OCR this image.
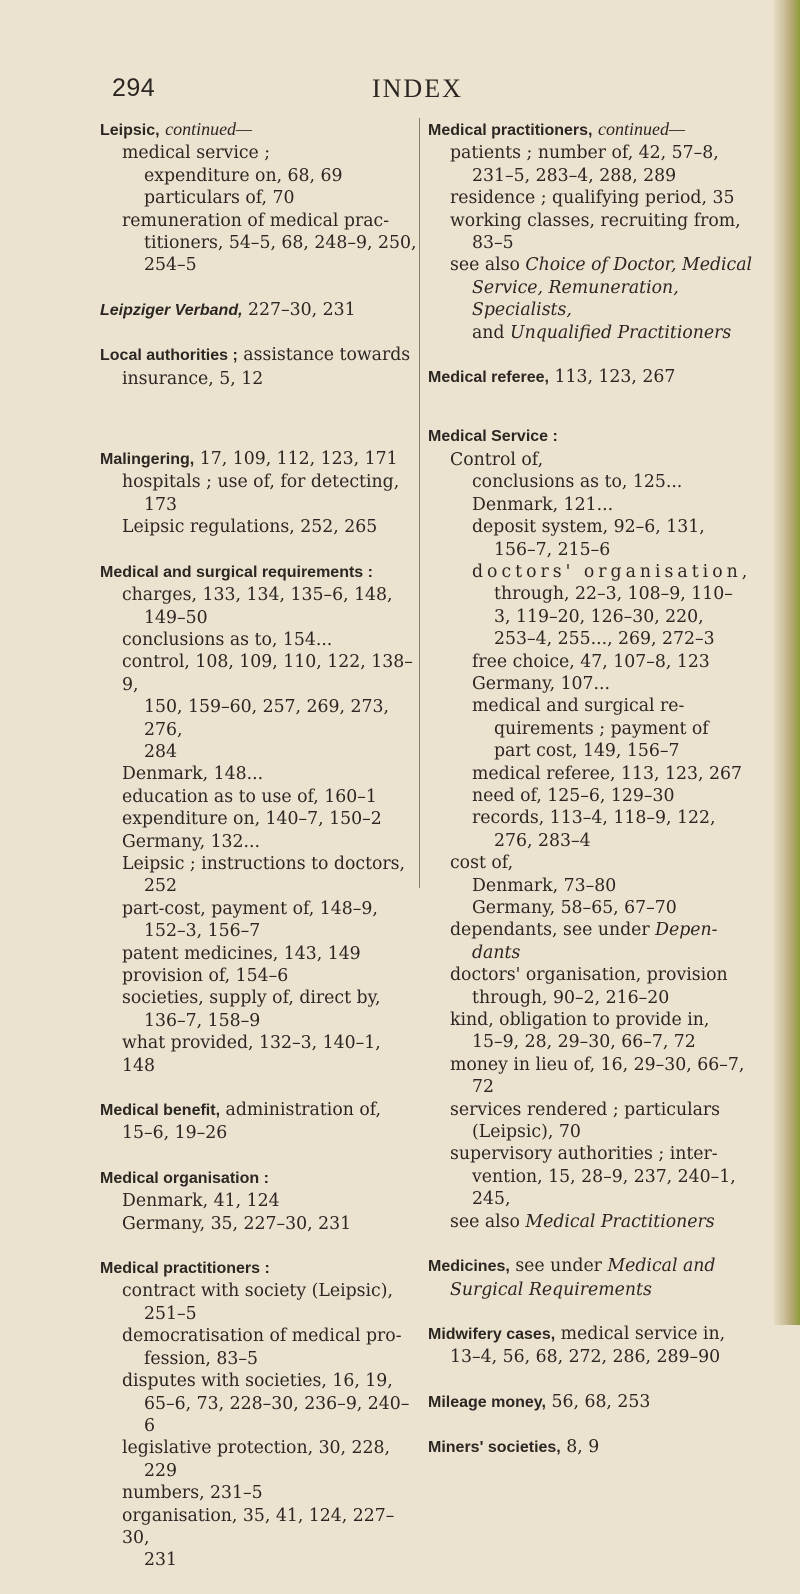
294	INDEX
Leipsic, continued—
medical service ;
expenditure on, 68, 69
particulars of, 70
remuneration of medical prac-
titioners, 54–5, 68, 248–9, 250,
254–5
Leipziger Verband, 227–30, 231
Local authorities ; assistance towards
insurance, 5, 12
Malingering, 17, 109, 112, 123, 171
hospitals ; use of, for detecting,
173
Leipsic regulations, 252, 265
Medical and surgical requirements :
charges, 133, 134, 135–6, 148,
149–50
conclusions as to, 154...
control, 108, 109, 110, 122, 138–9,
150, 159–60, 257, 269, 273, 276,
284
Denmark, 148...
education as to use of, 160–1
expenditure on, 140–7, 150–2
Germany, 132...
Leipsic ; instructions to doctors,
252
part-cost, payment of, 148–9,
152–3, 156–7
patent medicines, 143, 149
provision of, 154–6
societies, supply of, direct by,
136–7, 158–9
what provided, 132–3, 140–1, 148
Medical benefit, administration of,
15–6, 19–26
Medical organisation :
Denmark, 41, 124
Germany, 35, 227–30, 231
Medical practitioners :
contract with society (Leipsic),
251–5
democratisation of medical pro-
fession, 83–5
disputes with societies, 16, 19,
65–6, 73, 228–30, 236–9, 240–6
legislative protection, 30, 228,
229
numbers, 231–5
organisation, 35, 41, 124, 227–30,
231
Medical practitioners, continued—
patients ; number of, 42, 57–8,
231–5, 283–4, 288, 289
residence ; qualifying period, 35
working classes, recruiting from,
83–5
see also Choice of Doctor, Medical
Service, Remuneration, Specialists,
and Unqualified Practitioners
Medical referee, 113, 123, 267
Medical Service :
Control of,
conclusions as to, 125...
Denmark, 121...
deposit system, 92–6, 131,
156–7, 215–6
doctors' organisation,
through, 22–3, 108–9, 110–
3, 119–20, 126–30, 220,
253–4, 255..., 269, 272–3
free choice, 47, 107–8, 123
Germany, 107...
medical and surgical re-
quirements ; payment of
part cost, 149, 156–7
medical referee, 113, 123, 267
need of, 125–6, 129–30
records, 113–4, 118–9, 122,
276, 283–4
cost of,
Denmark, 73–80
Germany, 58–65, 67–70
dependants, see under Depen-
dants
doctors' organisation, provision
through, 90–2, 216–20
kind, obligation to provide in,
15–9, 28, 29–30, 66–7, 72
money in lieu of, 16, 29–30, 66–7,
72
services rendered ; particulars
(Leipsic), 70
supervisory authorities ; inter-
vention, 15, 28–9, 237, 240–1,
245,
see also Medical Practitioners
Medicines, see under Medical and
Surgical Requirements
Midwifery cases, medical service in,
13–4, 56, 68, 272, 286, 289–90
Mileage money, 56, 68, 253
Miners' societies, 8, 9
